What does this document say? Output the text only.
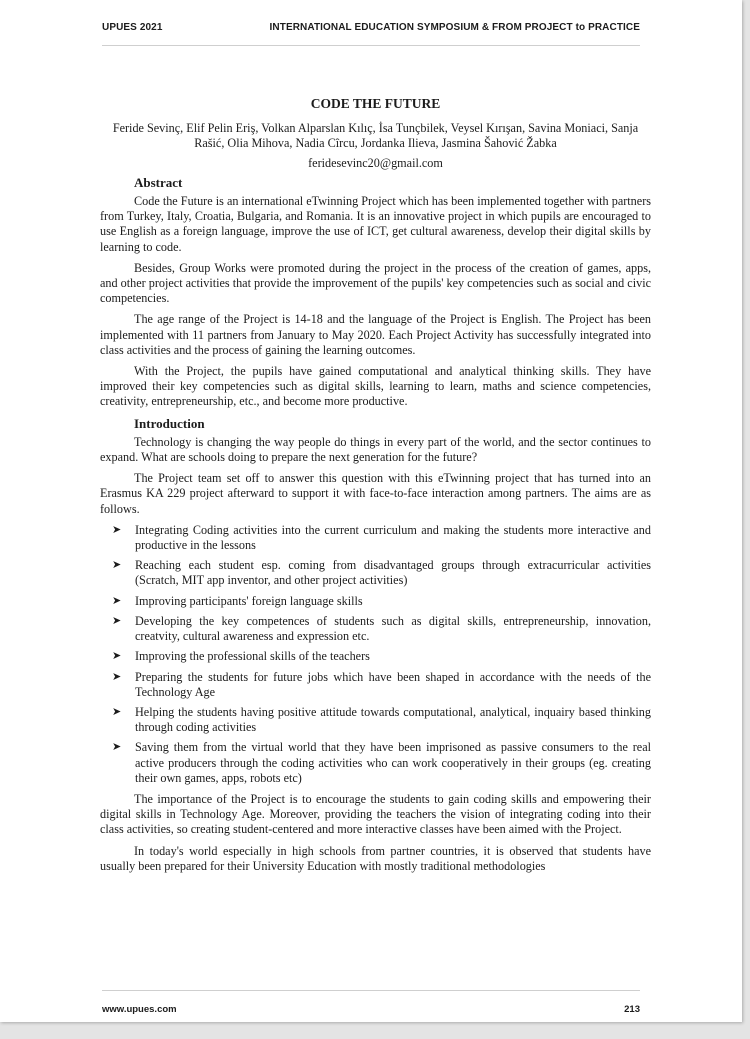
UPUES 2021	INTERNATIONAL EDUCATION SYMPOSIUM & FROM PROJECT to PRACTICE
CODE THE FUTURE
Feride Sevinç, Elif Pelin Eriş, Volkan Alparslan Kılıç, İsa Tunçbilek, Veysel Kırışan, Savina Moniaci, Sanja Rašić, Olia Mihova, Nadia Cîrcu, Jordanka Ilieva, Jasmina Šahović Žabka
feridesevinc20@gmail.com
Abstract

Code the Future is an international eTwinning Project which has been implemented together with partners from Turkey, Italy, Croatia, Bulgaria, and Romania. It is an innovative project in which pupils are encouraged to use English as a foreign language, improve the use of ICT, get cultural awareness, develop their digital skills by learning to code.

Besides, Group Works were promoted during the project in the process of the creation of games, apps, and other project activities that provide the improvement of the pupils' key competencies such as social and civic competencies.

The age range of the Project is 14-18 and the language of the Project is English. The Project has been implemented with 11 partners from January to May 2020. Each Project Activity has successfully integrated into class activities and the process of gaining the learning outcomes.

With the Project, the pupils have gained computational and analytical thinking skills. They have improved their key competencies such as digital skills, learning to learn, maths and science competencies, creativity, entrepreneurship, etc., and become more productive.

Introduction

Technology is changing the way people do things in every part of the world, and the sector continues to expand. What are schools doing to prepare the next generation for the future?

The Project team set off to answer this question with this eTwinning project that has turned into an Erasmus KA 229 project afterward to support it with face-to-face interaction among partners. The aims are as follows.

➤ Integrating Coding activities into the current curriculum and making the students more interactive and productive in the lessons
➤ Reaching each student esp. coming from disadvantaged groups through extracurricular activities (Scratch, MIT app inventor, and other project activities)
➤ Improving participants' foreign language skills
➤ Developing the key competences of students such as digital skills, entrepreneurship, innovation, creatvity, cultural awareness and expression etc.
➤ Improving the professional skills of the teachers
➤ Preparing the students for future jobs which have been shaped in accordance with the needs of the Technology Age
➤ Helping the students having positive attitude towards computational, analytical, inquairy based thinking through coding activities
➤ Saving them from the virtual world that they have been imprisoned as passive consumers to the real active producers through the coding activities who can work cooperatively in their groups (eg. creating their own games, apps, robots etc)

The importance of the Project is to encourage the students to gain coding skills and empowering their digital skills in Technology Age. Moreover, providing the teachers the vision of integrating coding into their class activities, so creating student-centered and more interactive classes have been aimed with the Project.

In today's world especially in high schools from partner countries, it is observed that students have usually been prepared for their University Education with mostly traditional methodologies

www.upues.com	213
